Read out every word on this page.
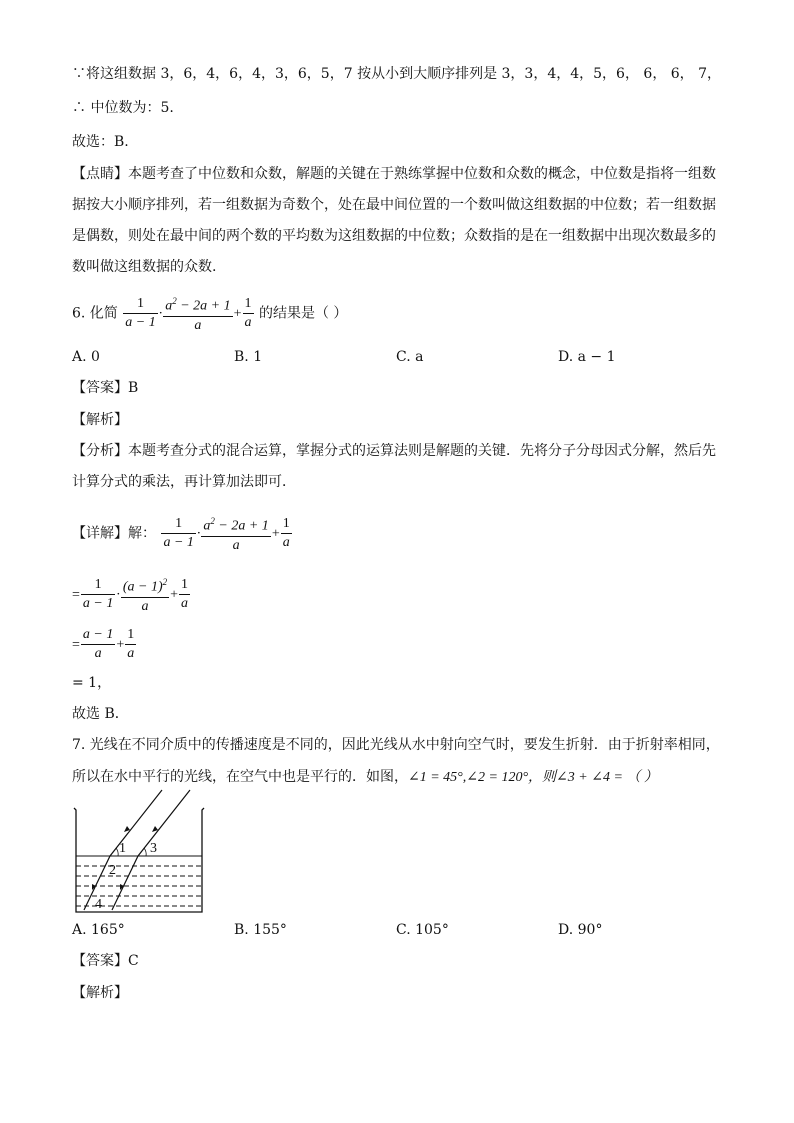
∵将这组数据 3，6，4，6，4，3，6，5，7 按从小到大顺序排列是 3，3，4，4，5，6， 6， 6， 7，
∴ 中位数为：5.
故选：B.
【点睛】本题考查了中位数和众数，解题的关键在于熟练掌握中位数和众数的概念，中位数是指将一组数
据按大小顺序排列，若一组数据为奇数个，处在最中间位置的一个数叫做这组数据的中位数；若一组数据
是偶数，则处在最中间的两个数的平均数为这组数据的中位数；众数指的是在一组数据中出现次数最多的
数叫做这组数据的众数.
6. 化简 $\frac{1}{a - 1} \cdot \frac{a^2 - 2a + 1}{a} + \frac{1}{a}$ 的结果是（ ）
A. 0	B. 1	C. a	D. a − 1
【答案】B
【解析】
【分析】本题考查分式的混合运算，掌握分式的运算法则是解题的关键．先将分子分母因式分解，然后先
计算分式的乘法，再计算加法即可．
【详解】解： $\frac{1}{a - 1} \cdot \frac{a^2 - 2a + 1}{a} + \frac{1}{a}$
= $\frac{1}{a - 1} \cdot \frac{(a - 1)^2}{a} + \frac{1}{a}$
= $\frac{a - 1}{a} + \frac{1}{a}$
= 1，
故选 B．
7. 光线在不同介质中的传播速度是不同的，因此光线从水中射向空气时，要发生折射．由于折射率相同，
所以在水中平行的光线，在空气中也是平行的．如图，∠1 = 45°,∠2 = 120°，则∠3 + ∠4 = （ ）
1
2
3
4
A. 165°	B. 155°	C. 105°	D. 90°
【答案】C
【解析】
